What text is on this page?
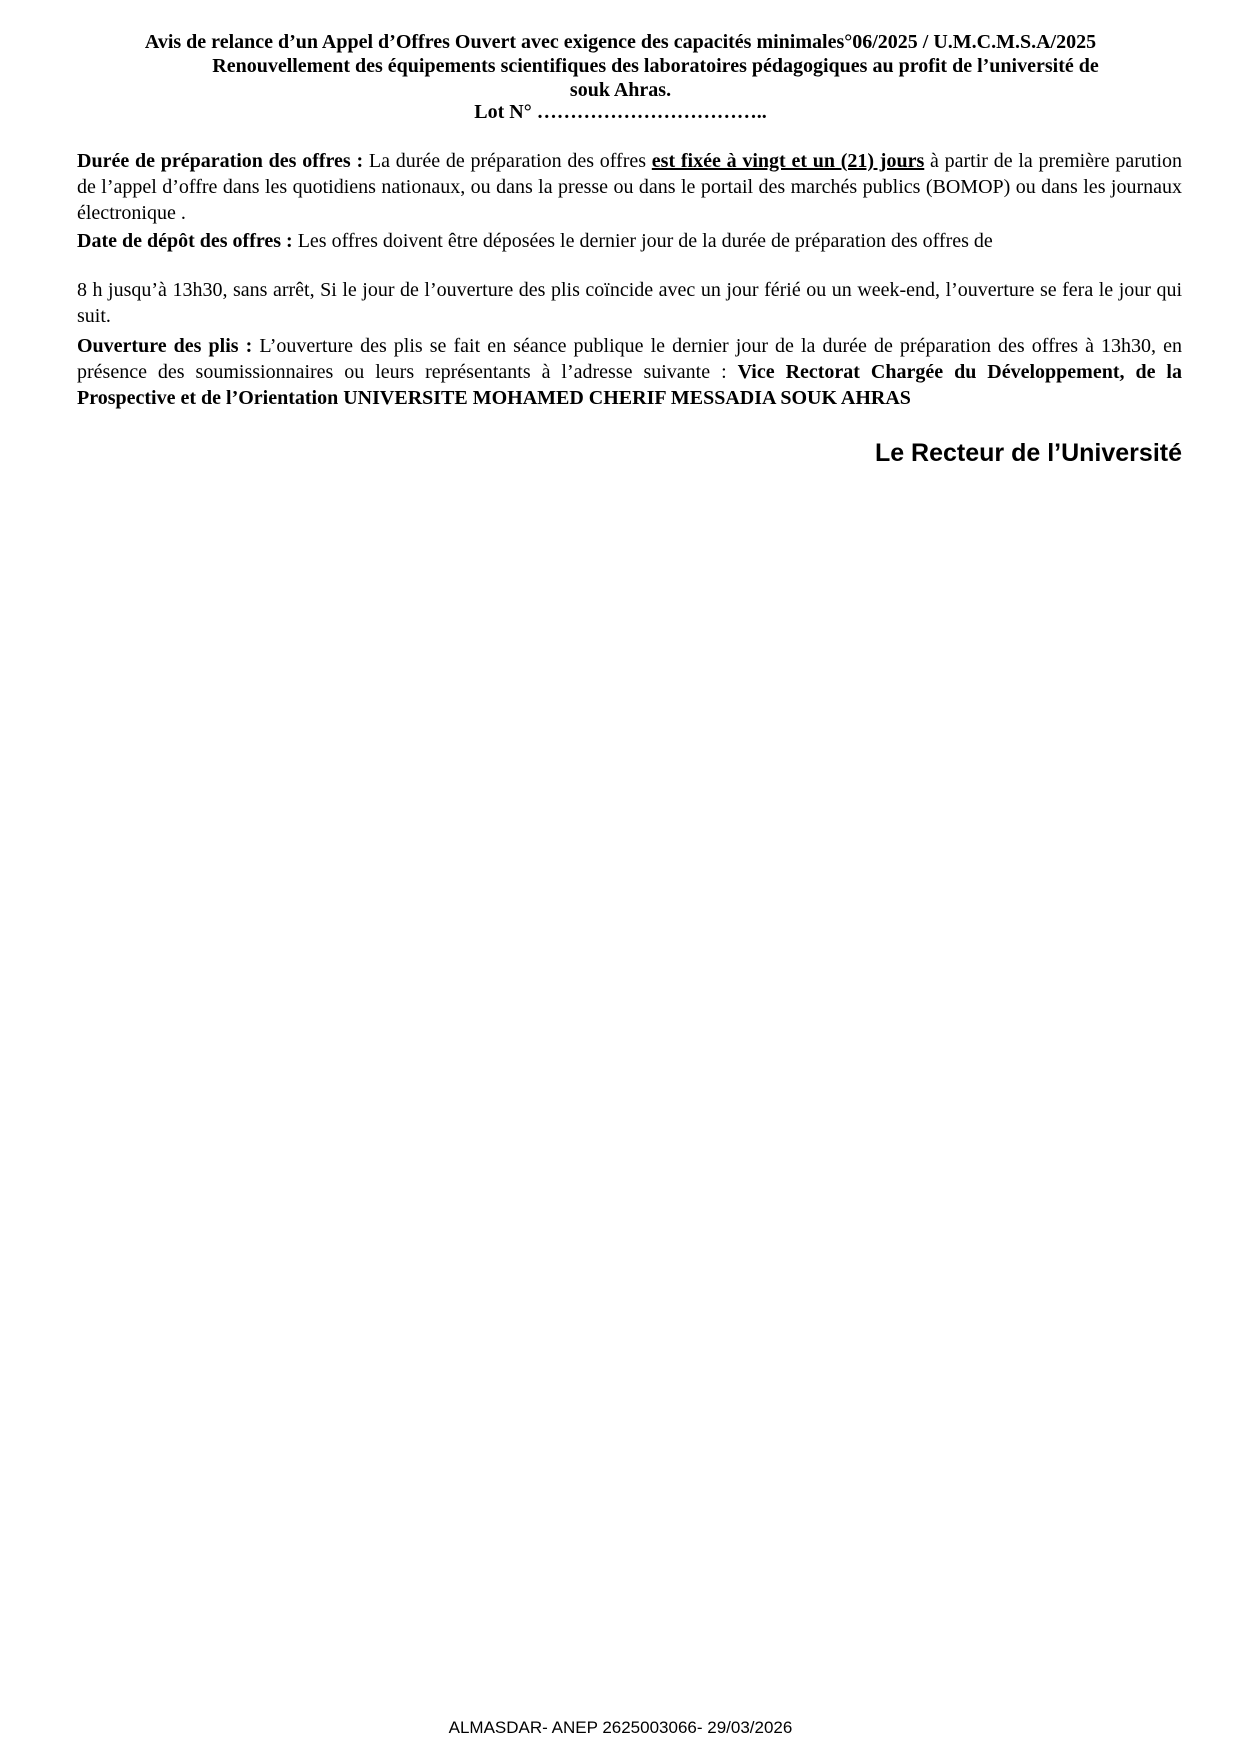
Avis de relance d’un Appel d’Offres Ouvert avec exigence des capacités minimales°06/2025 / U.M.C.M.S.A/2025
Renouvellement des équipements scientifiques des laboratoires pédagogiques au profit de l’université de
souk Ahras.
Lot N° ……………………………..
Durée de préparation des offres : La durée de préparation des offres est fixée à vingt et un (21) jours à partir de la première parution de l’appel d’offre dans les quotidiens nationaux, ou dans la presse ou dans le portail des marchés publics (BOMOP) ou dans les journaux électronique .
Date de dépôt des offres : Les offres doivent être déposées le dernier jour de la durée de préparation des offres de
8 h jusqu’à 13h30, sans arrêt, Si le jour de l’ouverture des plis coïncide avec un jour férié ou un week-end, l’ouverture se fera le jour qui suit.
Ouverture des plis : L’ouverture des plis se fait en séance publique le dernier jour de la durée de préparation des offres à 13h30, en présence des soumissionnaires ou leurs représentants à l’adresse suivante : Vice Rectorat Chargée du Développement, de la Prospective et de l’Orientation UNIVERSITE MOHAMED CHERIF MESSADIA SOUK AHRAS
Le Recteur de l’Université
ALMASDAR- ANEP 2625003066- 29/03/2026
